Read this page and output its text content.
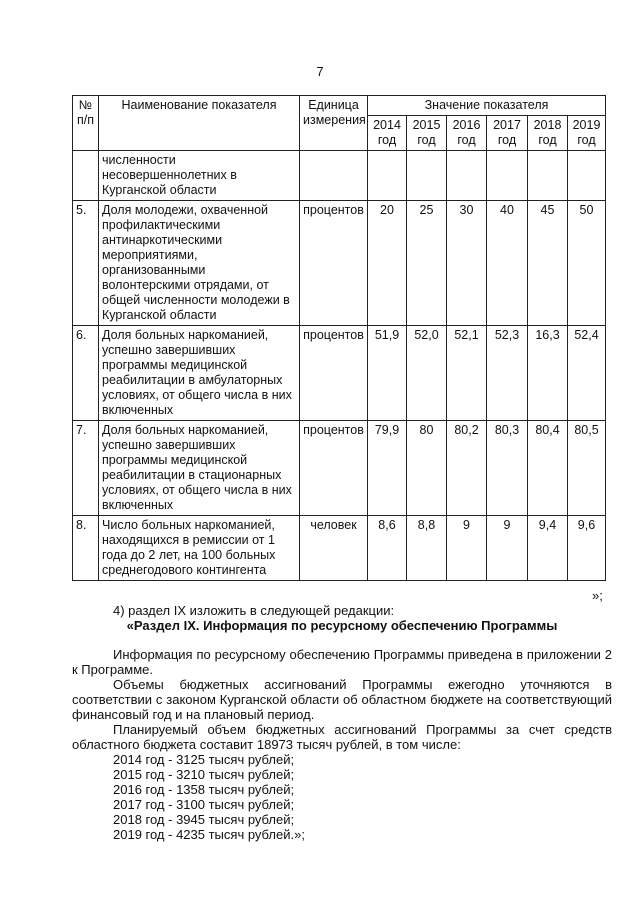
7
№ п/п	Наименование показателя	Единица измерения	Значение показателя					
			2014 год	2015 год	2016 год	2017 год	2018 год	2019 год
	численности несовершеннолетних в Курганской области							
5.	Доля молодежи, охваченной профилактическими антинаркотическими мероприятиями, организованными волонтерскими отрядами, от общей численности молодежи в Курганской области	процентов	20	25	30	40	45	50
6.	Доля больных наркоманией, успешно завершивших программы медицинской реабилитации в амбулаторных условиях, от общего числа в них включенных	процентов	51,9	52,0	52,1	52,3	16,3	52,4
7.	Доля больных наркоманией, успешно завершивших программы медицинской реабилитации в стационарных условиях, от общего числа в них включенных	процентов	79,9	80	80,2	80,3	80,4	80,5
8.	Число больных наркоманией, находящихся в ремиссии от 1 года до 2 лет, на 100 больных среднегодового контингента	человек	8,6	8,8	9	9	9,4	9,6
»;

4) раздел IX изложить в следующей редакции:

«Раздел IX. Информация по ресурсному обеспечению Программы

Информация по ресурсному обеспечению Программы приведена в приложении 2 к Программе.

Объемы бюджетных ассигнований Программы ежегодно уточняются в соответствии с законом Курганской области об областном бюджете на соответствующий финансовый год и на плановый период.

Планируемый объем бюджетных ассигнований Программы за счет средств областного бюджета составит 18973 тысяч рублей, в том числе:

2014 год - 3125 тысяч рублей;

2015 год - 3210 тысяч рублей;

2016 год - 1358 тысяч рублей;

2017 год - 3100 тысяч рублей;

2018 год - 3945 тысяч рублей;

2019 год - 4235 тысяч рублей.»;
